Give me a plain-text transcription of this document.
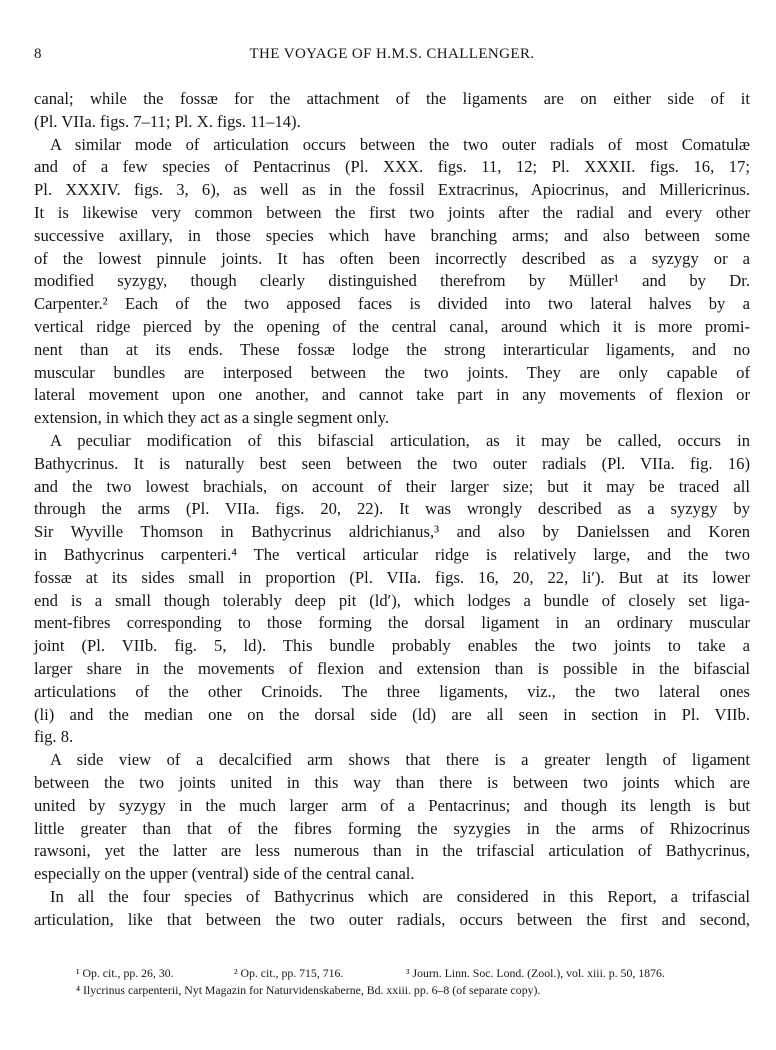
8	THE VOYAGE OF H.M.S. CHALLENGER.
canal; while the fossæ for the attachment of the ligaments are on either side of it
(Pl. VIIa. figs. 7–11; Pl. X. figs. 11–14).
A similar mode of articulation occurs between the two outer radials of most Comatulæ
and of a few species of Pentacrinus (Pl. XXX. figs. 11, 12; Pl. XXXII. figs. 16, 17;
Pl. XXXIV. figs. 3, 6), as well as in the fossil Extracrinus, Apiocrinus, and Millericrinus.
It is likewise very common between the first two joints after the radial and every other
successive axillary, in those species which have branching arms; and also between some
of the lowest pinnule joints. It has often been incorrectly described as a syzygy or a
modified syzygy, though clearly distinguished therefrom by Müller¹ and by Dr.
Carpenter.² Each of the two apposed faces is divided into two lateral halves by a
vertical ridge pierced by the opening of the central canal, around which it is more promi-
nent than at its ends. These fossæ lodge the strong interarticular ligaments, and no
muscular bundles are interposed between the two joints. They are only capable of
lateral movement upon one another, and cannot take part in any movements of flexion or
extension, in which they act as a single segment only.
A peculiar modification of this bifascial articulation, as it may be called, occurs in
Bathycrinus. It is naturally best seen between the two outer radials (Pl. VIIa. fig. 16)
and the two lowest brachials, on account of their larger size; but it may be traced all
through the arms (Pl. VIIa. figs. 20, 22). It was wrongly described as a syzygy by
Sir Wyville Thomson in Bathycrinus aldrichianus,³ and also by Danielssen and Koren
in Bathycrinus carpenteri.⁴ The vertical articular ridge is relatively large, and the two
fossæ at its sides small in proportion (Pl. VIIa. figs. 16, 20, 22, li′). But at its lower
end is a small though tolerably deep pit (ld′), which lodges a bundle of closely set liga-
ment-fibres corresponding to those forming the dorsal ligament in an ordinary muscular
joint (Pl. VIIb. fig. 5, ld). This bundle probably enables the two joints to take a
larger share in the movements of flexion and extension than is possible in the bifascial
articulations of the other Crinoids. The three ligaments, viz., the two lateral ones
(li) and the median one on the dorsal side (ld) are all seen in section in Pl. VIIb.
fig. 8.
A side view of a decalcified arm shows that there is a greater length of ligament
between the two joints united in this way than there is between two joints which are
united by syzygy in the much larger arm of a Pentacrinus; and though its length is but
little greater than that of the fibres forming the syzygies in the arms of Rhizocrinus
rawsoni, yet the latter are less numerous than in the trifascial articulation of Bathycrinus,
especially on the upper (ventral) side of the central canal.
In all the four species of Bathycrinus which are considered in this Report, a trifascial
articulation, like that between the two outer radials, occurs between the first and second,
¹ Op. cit., pp. 26, 30.	² Op. cit., pp. 715, 716.	³ Journ. Linn. Soc. Lond. (Zool.), vol. xiii. p. 50, 1876.
⁴ Ilycrinus carpenterii, Nyt Magazin for Naturvidenskaberne, Bd. xxiii. pp. 6–8 (of separate copy).
